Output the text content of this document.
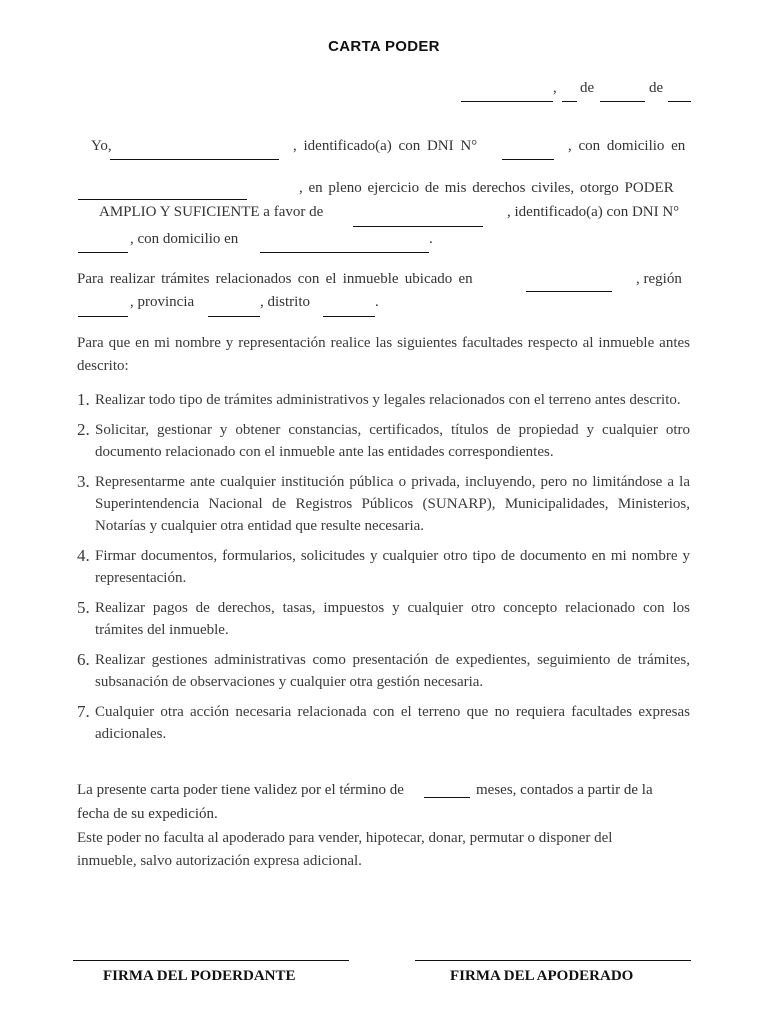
CARTA PODER
, de	de
Yo,	, identificado(a) con DNI N°	, con domicilio en
, en pleno ejercicio de mis derechos civiles, otorgo PODER
AMPLIO Y SUFICIENTE a favor de	, identificado(a) con DNI N°
, con domicilio en	.
Para realizar trámites relacionados con el inmueble ubicado en	, región
, provincia	, distrito	.
Para que en mi nombre y representación realice las siguientes facultades respecto al inmueble antes descrito:
1. Realizar todo tipo de trámites administrativos y legales relacionados con el terreno antes descrito.
2. Solicitar, gestionar y obtener constancias, certificados, títulos de propiedad y cualquier otro documento relacionado con el inmueble ante las entidades correspondientes.
3. Representarme ante cualquier institución pública o privada, incluyendo, pero no limitándose a la Superintendencia Nacional de Registros Públicos (SUNARP), Municipalidades, Ministerios, Notarías y cualquier otra entidad que resulte necesaria.
4. Firmar documentos, formularios, solicitudes y cualquier otro tipo de documento en mi nombre y representación.
5. Realizar pagos de derechos, tasas, impuestos y cualquier otro concepto relacionado con los trámites del inmueble.
6. Realizar gestiones administrativas como presentación de expedientes, seguimiento de trámites, subsanación de observaciones y cualquier otra gestión necesaria.
7. Cualquier otra acción necesaria relacionada con el terreno que no requiera facultades expresas adicionales.
La presente carta poder tiene validez por el término de	meses, contados a partir de la
fecha de su expedición.
Este poder no faculta al apoderado para vender, hipotecar, donar, permutar o disponer del inmueble, salvo autorización expresa adicional.
FIRMA DEL PODERDANTE	FIRMA DEL APODERADO
